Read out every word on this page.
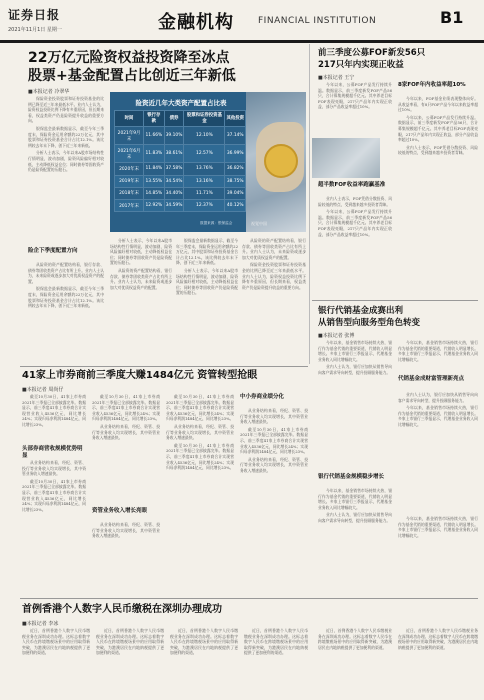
证券日报
2021年11月1日 星期一	金融机构	FINANCIAL INSTITUTION	B1
22万亿元险资权益投资降至冰点
股票+基金配置占比创近三年新低
■本报记者 冷翠华
保险资金投资股票和证券投资基金的比例已降至近三年来最低水平。业内人士认为，险资权益投资比例下降有多重原因，但长期来看，权益类资产仍是险资提升收益的重要方向。
银保监会最新数据显示，截至今年三季度末，保险资金运用余额约22万亿元，其中股票和证券投资基金合计占比12.1%。该比例较去年末下降，创下近三年来新低。
分析人士表示，今年以来A股市场结构性行情明显，波动加剧，险资风险偏好相对较低，主动降低权益仓位；同时债券等固收资产仍是险资配置的压舱石。
险企下季度配置方向
从险资的资产配置结构看，银行存款、债券等固收类资产占比有所上升。业内人士认为，未来险资或逐步加大对优质权益资产的配置。
银保监会最新数据显示，截至今年三季度末，保险资金运用余额约22万亿元，其中股票和证券投资基金合计占比12.1%。该比例较去年末下降，创下近三年来新低。
险资近几年大类资产配置占比表
时间	银行存款	债券	股票和证券投资基金	其他投资
2021年9月末	11.66%	39.10%	12.10%	37.14%
2021年6月末	11.83%	38.61%	12.57%	36.99%
2020年末	11.84%	37.58%	13.76%	36.82%
2019年末	13.55%	34.54%	13.16%	38.75%
2018年末	14.85%	34.40%	11.71%	39.04%
2017年末	12.92%	34.59%	12.37%	40.12%
数据来源：银保监会	视觉中国
分析人士表示，今年以来A股市场结构性行情明显，波动加剧，险资风险偏好相对较低，主动降低权益仓位；同时债券等固收资产仍是险资配置的压舱石。
从险资的资产配置结构看，银行存款、债券等固收类资产占比有所上升。业内人士认为，未来险资或逐步加大对优质权益资产的配置。
银保监会最新数据显示，截至今年三季度末，保险资金运用余额约22万亿元，其中股票和证券投资基金合计占比12.1%。该比例较去年末下降，创下近三年来新低。
分析人士表示，今年以来A股市场结构性行情明显，波动加剧，险资风险偏好相对较低，主动降低权益仓位；同时债券等固收资产仍是险资配置的压舱石。
从险资的资产配置结构看，银行存款、债券等固收类资产占比有所上升。业内人士认为，未来险资或逐步加大对优质权益资产的配置。
保险资金投资股票和证券投资基金的比例已降至近三年来最低水平。业内人士认为，险资权益投资比例下降有多重原因，但长期来看，权益类资产仍是险资提升收益的重要方向。
前三季度公募FOF新发56只
217只年内实现正收益
■本报记者 王宁
今年以来，公募FOF产品发行持续升温。数据显示，前三季度新发FOF产品56只，合计募集规模超千亿元。其中养老目标FOF表现亮眼，217只产品年内实现正收益，部分产品收益率超过10%。
超半数FOF收益率跑赢基准
业内人士表示，FOF凭借分散投资、风险较低的特点，受到越来越多投资者青睐。
今年以来，公募FOF产品发行持续升温。数据显示，前三季度新发FOF产品56只，合计募集规模超千亿元。其中养老目标FOF表现亮眼，217只产品年内实现正收益，部分产品收益率超过10%。
8家FOF年内收益率超10%
今年以来，FOF基金业绩表现整体向好。从收益率看，有8只FOF产品今年以来收益率超过10%。
今年以来，公募FOF产品发行持续升温。数据显示，前三季度新发FOF产品56只，合计募集规模超千亿元。其中养老目标FOF表现亮眼，217只产品年内实现正收益，部分产品收益率超过10%。
业内人士表示，FOF凭借分散投资、风险较低的特点，受到越来越多投资者青睐。
银行代销基金成赛出利
从销售型向服务型角色转变
■本报记者 张博
今年以来，基金销售市场持续火热，银行作为基金代销的重要渠道，代销收入明显增长。多家上市银行三季报显示，代理基金业务收入同比增幅较大。
业内人士认为，银行应加快从销售导向向客户需求导向转型，提升投顾服务能力。
代销基金成财富管理新亮点
今年以来，基金销售市场持续火热，银行作为基金代销的重要渠道，代销收入明显增长。多家上市银行三季报显示，代理基金业务收入同比增幅较大。
业内人士认为，银行应加快从销售导向向客户需求导向转型，提升投顾服务能力。
今年以来，基金销售市场持续火热，银行作为基金代销的重要渠道，代销收入明显增长。多家上市银行三季报显示，代理基金业务收入同比增幅较大。
银行代销基金规模稳步增长
今年以来，基金销售市场持续火热，银行作为基金代销的重要渠道，代销收入明显增长。多家上市银行三季报显示，代理基金业务收入同比增幅较大。
业内人士认为，银行应加快从销售导向向客户需求导向转型，提升投顾服务能力。	今年以来，基金销售市场持续火热，银行作为基金代销的重要渠道，代销收入明显增长。多家上市银行三季报显示，代理基金业务收入同比增幅较大。
41家上市券商前三季度大赚1484亿元 资管转型抢眼
■本报记者 周尚仔
截至10月30日，41家上市券商2021年三季报已全部披露完毕。数据显示，前三季度41家上市券商合计实现营业收入4536亿元，同比增长24%；实现归母净利润1484亿元，同比增长23%。
头部券商营收规模优势明显
从业务结构来看，经纪、资管、投行等业务收入均实现增长，其中资管业务收入增速最快。
截至10月30日，41家上市券商2021年三季报已全部披露完毕。数据显示，前三季度41家上市券商合计实现营业收入4536亿元，同比增长24%；实现归母净利润1484亿元，同比增长23%。
截至10月30日，41家上市券商2021年三季报已全部披露完毕。数据显示，前三季度41家上市券商合计实现营业收入4536亿元，同比增长24%；实现归母净利润1484亿元，同比增长23%。
从业务结构来看，经纪、资管、投行等业务收入均实现增长，其中资管业务收入增速最快。
资管业务收入增长亮眼
从业务结构来看，经纪、资管、投行等业务收入均实现增长，其中资管业务收入增速最快。
截至10月30日，41家上市券商2021年三季报已全部披露完毕。数据显示，前三季度41家上市券商合计实现营业收入4536亿元，同比增长24%；实现归母净利润1484亿元，同比增长23%。
从业务结构来看，经纪、资管、投行等业务收入均实现增长，其中资管业务收入增速最快。
截至10月30日，41家上市券商2021年三季报已全部披露完毕。数据显示，前三季度41家上市券商合计实现营业收入4536亿元，同比增长24%；实现归母净利润1484亿元，同比增长23%。
中小券商业绩分化
从业务结构来看，经纪、资管、投行等业务收入均实现增长，其中资管业务收入增速最快。
截至10月30日，41家上市券商2021年三季报已全部披露完毕。数据显示，前三季度41家上市券商合计实现营业收入4536亿元，同比增长24%；实现归母净利润1484亿元，同比增长23%。
从业务结构来看，经纪、资管、投行等业务收入均实现增长，其中资管业务收入增速最快。
首例香港个人数字人民币缴税在深圳办理成功
■本报记者 李冰
近日，首例香港个人数字人民币缴税业务在深圳成功办理。这标志着数字人民币在跨境缴税场景中的应用取得新突破，为港澳居民在内地纳税提供了更加便利的渠道。
近日，首例香港个人数字人民币缴税业务在深圳成功办理。这标志着数字人民币在跨境缴税场景中的应用取得新突破，为港澳居民在内地纳税提供了更加便利的渠道。
近日，首例香港个人数字人民币缴税业务在深圳成功办理。这标志着数字人民币在跨境缴税场景中的应用取得新突破，为港澳居民在内地纳税提供了更加便利的渠道。
近日，首例香港个人数字人民币缴税业务在深圳成功办理。这标志着数字人民币在跨境缴税场景中的应用取得新突破，为港澳居民在内地纳税提供了更加便利的渠道。
近日，首例香港个人数字人民币缴税业务在深圳成功办理。这标志着数字人民币在跨境缴税场景中的应用取得新突破，为港澳居民在内地纳税提供了更加便利的渠道。
近日，首例香港个人数字人民币缴税业务在深圳成功办理。这标志着数字人民币在跨境缴税场景中的应用取得新突破，为港澳居民在内地纳税提供了更加便利的渠道。
